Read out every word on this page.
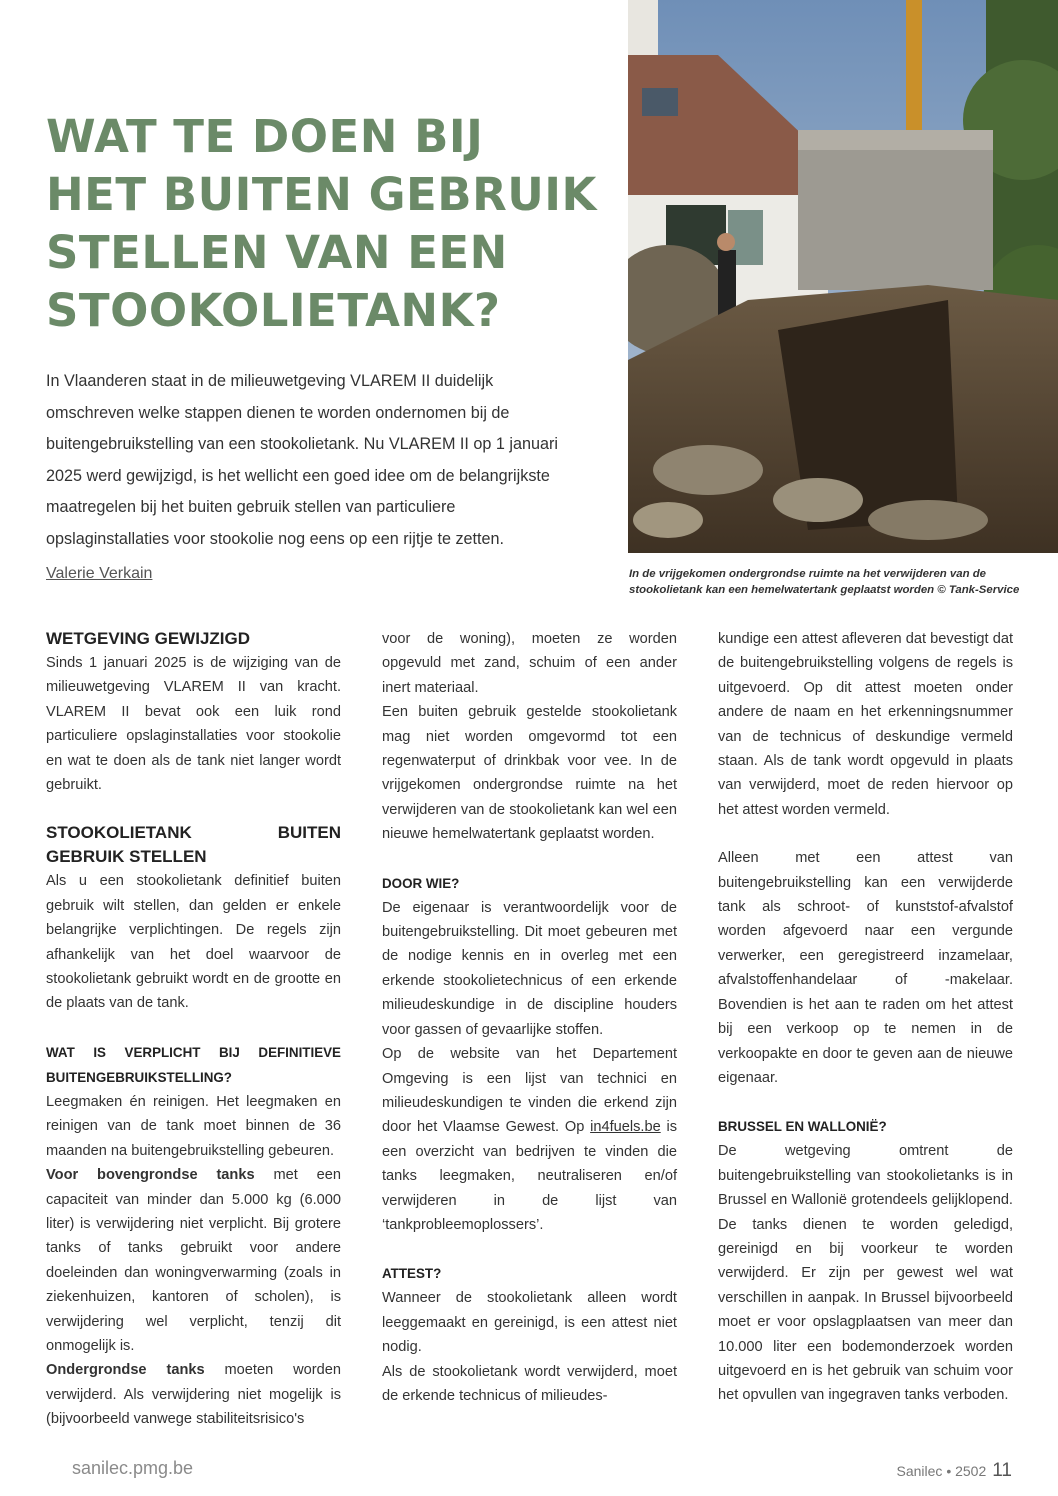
WAT TE DOEN BIJ
HET BUITEN GEBRUIK
STELLEN VAN EEN
STOOKOLIETANK?
In Vlaanderen staat in de milieuwetgeving VLAREM II duidelijk omschreven welke stappen dienen te worden ondernomen bij de buitengebruikstelling van een stookolietank. Nu VLAREM II op 1 januari 2025 werd gewijzigd, is het wellicht een goed idee om de belangrijkste maatregelen bij het buiten gebruik stellen van particuliere opslaginstallaties voor stookolie nog eens op een rijtje te zetten.
Valerie Verkain	In de vrijgekomen ondergrondse ruimte na het verwijderen van de stookolietank kan een hemelwatertank geplaatst worden © Tank-Service

WETGEVING GEWIJZIGD

Sinds 1 januari 2025 is de wijziging van de milieuwetgeving VLAREM II van kracht. VLAREM II bevat ook een luik rond particuliere opslaginstallaties voor stookolie en wat te doen als de tank niet langer wordt gebruikt.

STOOKOLIETANK BUITEN GEBRUIK STELLEN

Als u een stookolietank definitief buiten gebruik wilt stellen, dan gelden er enkele belangrijke verplichtingen. De regels zijn afhankelijk van het doel waarvoor de stookolietank gebruikt wordt en de grootte en de plaats van de tank.

WAT IS VERPLICHT BIJ DEFINITIEVE BUITENGEBRUIKSTELLING?

Leegmaken én reinigen. Het leegmaken en reinigen van de tank moet binnen de 36 maanden na buitengebruikstelling gebeuren.

Voor bovengrondse tanks met een capaciteit van minder dan 5.000 kg (6.000 liter) is verwijdering niet verplicht. Bij grotere tanks of tanks gebruikt voor andere doeleinden dan woningverwarming (zoals in ziekenhuizen, kantoren of scholen), is verwijdering wel verplicht, tenzij dit onmogelijk is.

Ondergrondse tanks moeten worden verwijderd. Als verwijdering niet mogelijk is (bijvoorbeeld vanwege stabiliteitsrisico's

voor de woning), moeten ze worden opgevuld met zand, schuim of een ander inert materiaal.

Een buiten gebruik gestelde stookolietank mag niet worden omgevormd tot een regenwaterput of drinkbak voor vee. In de vrijgekomen ondergrondse ruimte na het verwijderen van de stookolietank kan wel een nieuwe hemelwatertank geplaatst worden.

DOOR WIE?

De eigenaar is verantwoordelijk voor de buitengebruikstelling. Dit moet gebeuren met de nodige kennis en in overleg met een erkende stookolietechnicus of een erkende milieudeskundige in de discipline houders voor gassen of gevaarlijke stoffen.

Op de website van het Departement Omgeving is een lijst van technici en milieudeskundigen te vinden die erkend zijn door het Vlaamse Gewest. Op in4fuels.be is een overzicht van bedrijven te vinden die tanks leegmaken, neutraliseren en/of verwijderen in de lijst van ‘tankprobleemoplossers’.

ATTEST?

Wanneer de stookolietank alleen wordt leeggemaakt en gereinigd, is een attest niet nodig.

Als de stookolietank wordt verwijderd, moet de erkende technicus of milieudes-

kundige een attest afleveren dat bevestigt dat de buitengebruikstelling volgens de regels is uitgevoerd. Op dit attest moeten onder andere de naam en het erkenningsnummer van de technicus of deskundige vermeld staan. Als de tank wordt opgevuld in plaats van verwijderd, moet de reden hiervoor op het attest worden vermeld.

Alleen met een attest van buitengebruikstelling kan een verwijderde tank als schroot- of kunststof-afvalstof worden afgevoerd naar een vergunde verwerker, een geregistreerd inzamelaar, afvalstoffenhandelaar of -makelaar. Bovendien is het aan te raden om het attest bij een verkoop op te nemen in de verkoopakte en door te geven aan de nieuwe eigenaar.

BRUSSEL EN WALLONIË?

De wetgeving omtrent de buitengebruikstelling van stookolietanks is in Brussel en Wallonië grotendeels gelijklopend. De tanks dienen te worden geledigd, gereinigd en bij voorkeur te worden verwijderd. Er zijn per gewest wel wat verschillen in aanpak. In Brussel bijvoorbeeld moet er voor opslagplaatsen van meer dan 10.000 liter een bodemonderzoek worden uitgevoerd en is het gebruik van schuim voor het opvullen van ingegraven tanks verboden.

sanilec.pmg.be	Sanilec • 2502 11
